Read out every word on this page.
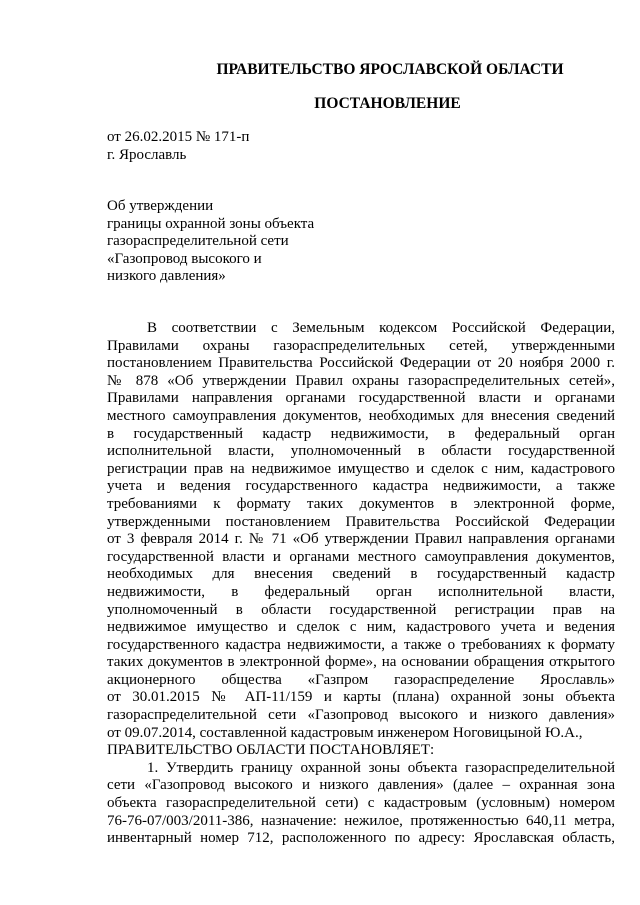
ПРАВИТЕЛЬСТВО ЯРОСЛАВСКОЙ ОБЛАСТИ
ПОСТАНОВЛЕНИЕ
от 26.02.2015 № 171-п
г. Ярославль
Об утверждении
границы охранной зоны объекта
газораспределительной сети
«Газопровод высокого и
низкого давления»
В соответствии с Земельным кодексом Российской Федерации,
Правилами охраны газораспределительных сетей, утвержденными
постановлением Правительства Российской Федерации от 20 ноября 2000 г.
№ 878 «Об утверждении Правил охраны газораспределительных сетей»,
Правилами направления органами государственной власти и органами
местного самоуправления документов, необходимых для внесения сведений
в государственный кадастр недвижимости, в федеральный орган
исполнительной власти, уполномоченный в области государственной
регистрации прав на недвижимое имущество и сделок с ним, кадастрового
учета и ведения государственного кадастра недвижимости, а также
требованиями к формату таких документов в электронной форме,
утвержденными постановлением Правительства Российской Федерации
от 3 февраля 2014 г. № 71 «Об утверждении Правил направления органами
государственной власти и органами местного самоуправления документов,
необходимых для внесения сведений в государственный кадастр
недвижимости, в федеральный орган исполнительной власти,
уполномоченный в области государственной регистрации прав на
недвижимое имущество и сделок с ним, кадастрового учета и ведения
государственного кадастра недвижимости, а также о требованиях к формату
таких документов в электронной форме», на основании обращения открытого
акционерного общества «Газпром газораспределение Ярославль»
от 30.01.2015 № АП-11/159 и карты (плана) охранной зоны объекта
газораспределительной сети «Газопровод высокого и низкого давления»
от 09.07.2014, составленной кадастровым инженером Ноговицыной Ю.А.,
ПРАВИТЕЛЬСТВО ОБЛАСТИ ПОСТАНОВЛЯЕТ:
1. Утвердить границу охранной зоны объекта газораспределительной
сети «Газопровод высокого и низкого давления» (далее – охранная зона
объекта газораспределительной сети) с кадастровым (условным) номером
76-76-07/003/2011-386, назначение: нежилое, протяженностью 640,11 метра,
инвентарный номер 712, расположенного по адресу: Ярославская область,
